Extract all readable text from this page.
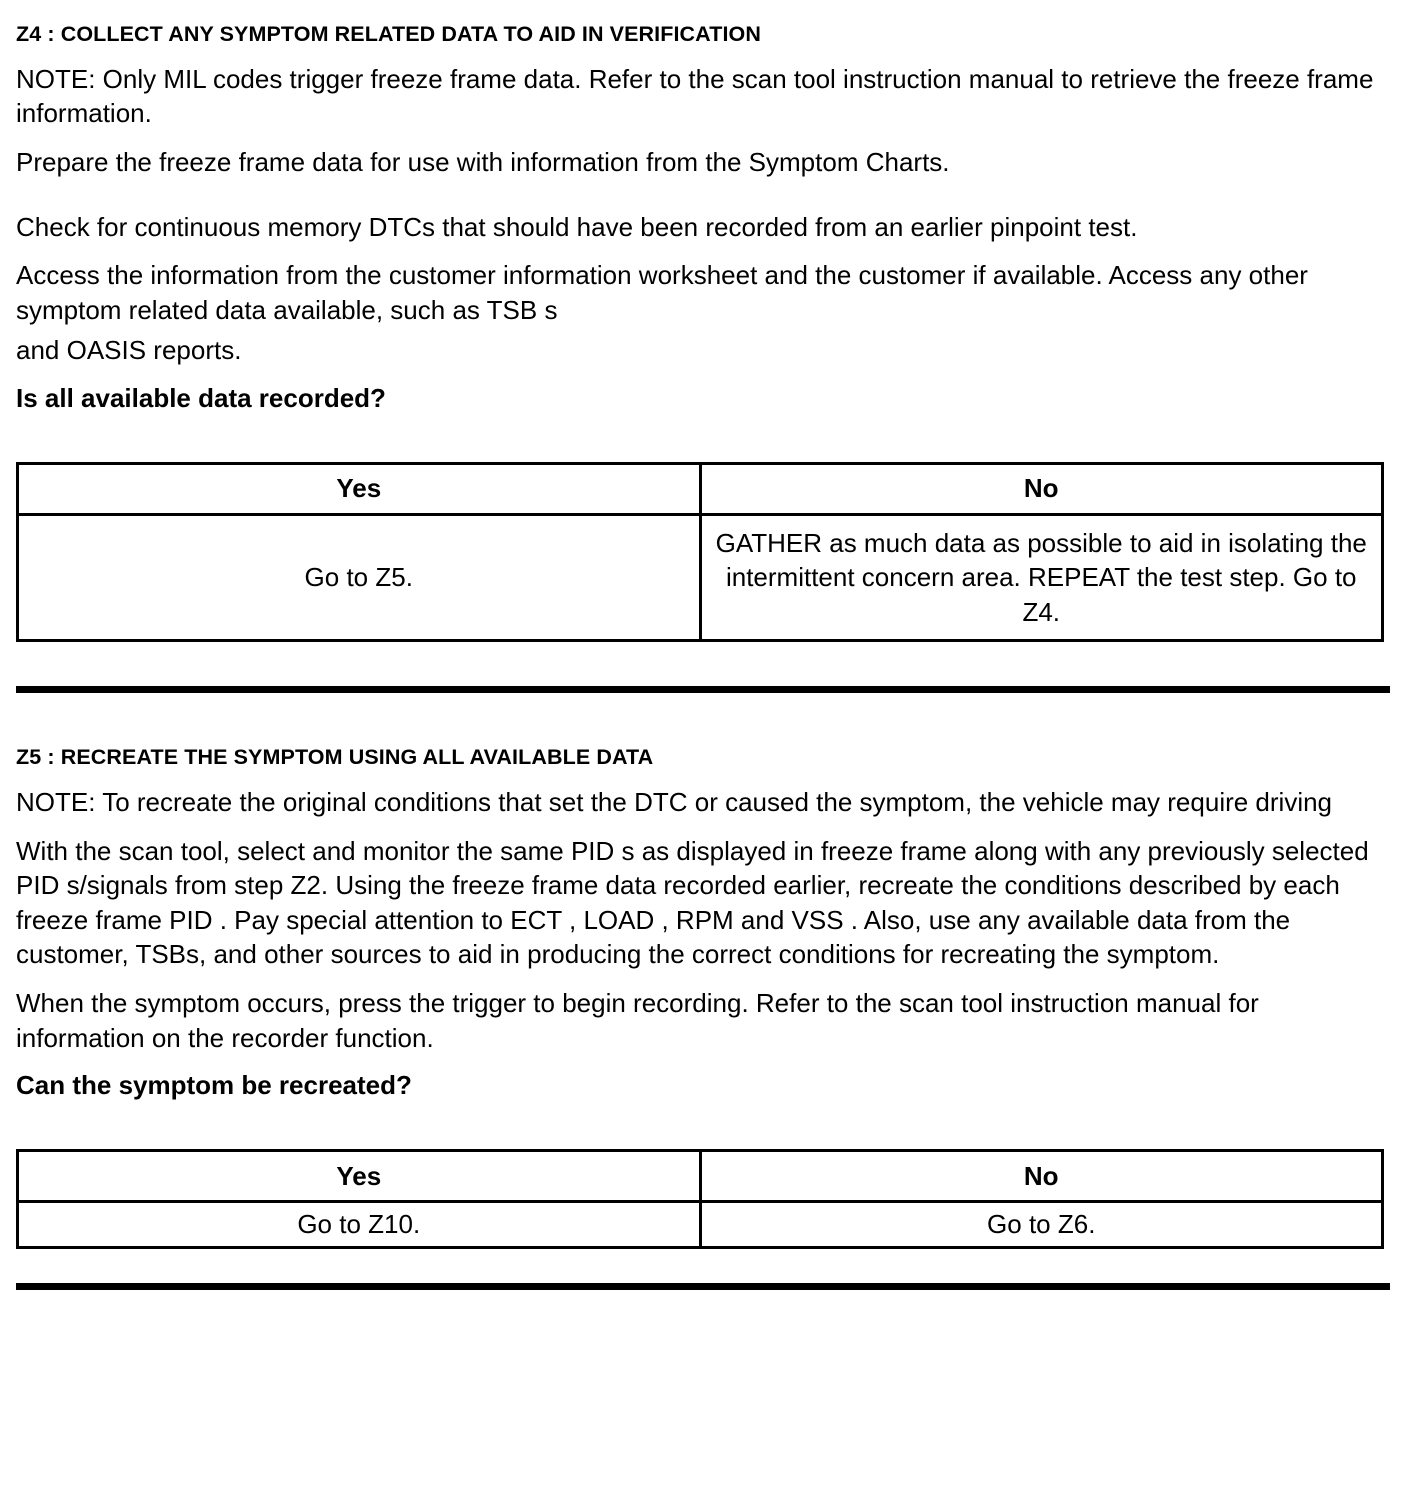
Z4 : COLLECT ANY SYMPTOM RELATED DATA TO AID IN VERIFICATION

NOTE: Only MIL codes trigger freeze frame data. Refer to the scan tool instruction manual to retrieve the freeze frame information.

Prepare the freeze frame data for use with information from the Symptom Charts.

Check for continuous memory DTCs that should have been recorded from an earlier pinpoint test.

Access the information from the customer information worksheet and the customer if available. Access any other symptom related data available, such as TSB s

and OASIS reports.

Is all available data recorded?

Yes	No

Go to Z5.	GATHER as much data as possible to aid in isolating the intermittent concern area. REPEAT the test step. Go to Z4.
Z5 : RECREATE THE SYMPTOM USING ALL AVAILABLE DATA

NOTE: To recreate the original conditions that set the DTC or caused the symptom, the vehicle may require driving

With the scan tool, select and monitor the same PID s as displayed in freeze frame along with any previously selected PID s/signals from step Z2. Using the freeze frame data recorded earlier, recreate the conditions described by each freeze frame PID . Pay special attention to ECT , LOAD , RPM and VSS . Also, use any available data from the customer, TSBs, and other sources to aid in producing the correct conditions for recreating the symptom.

When the symptom occurs, press the trigger to begin recording. Refer to the scan tool instruction manual for information on the recorder function.

Can the symptom be recreated?

Yes	No
Go to Z10.	Go to Z6.
